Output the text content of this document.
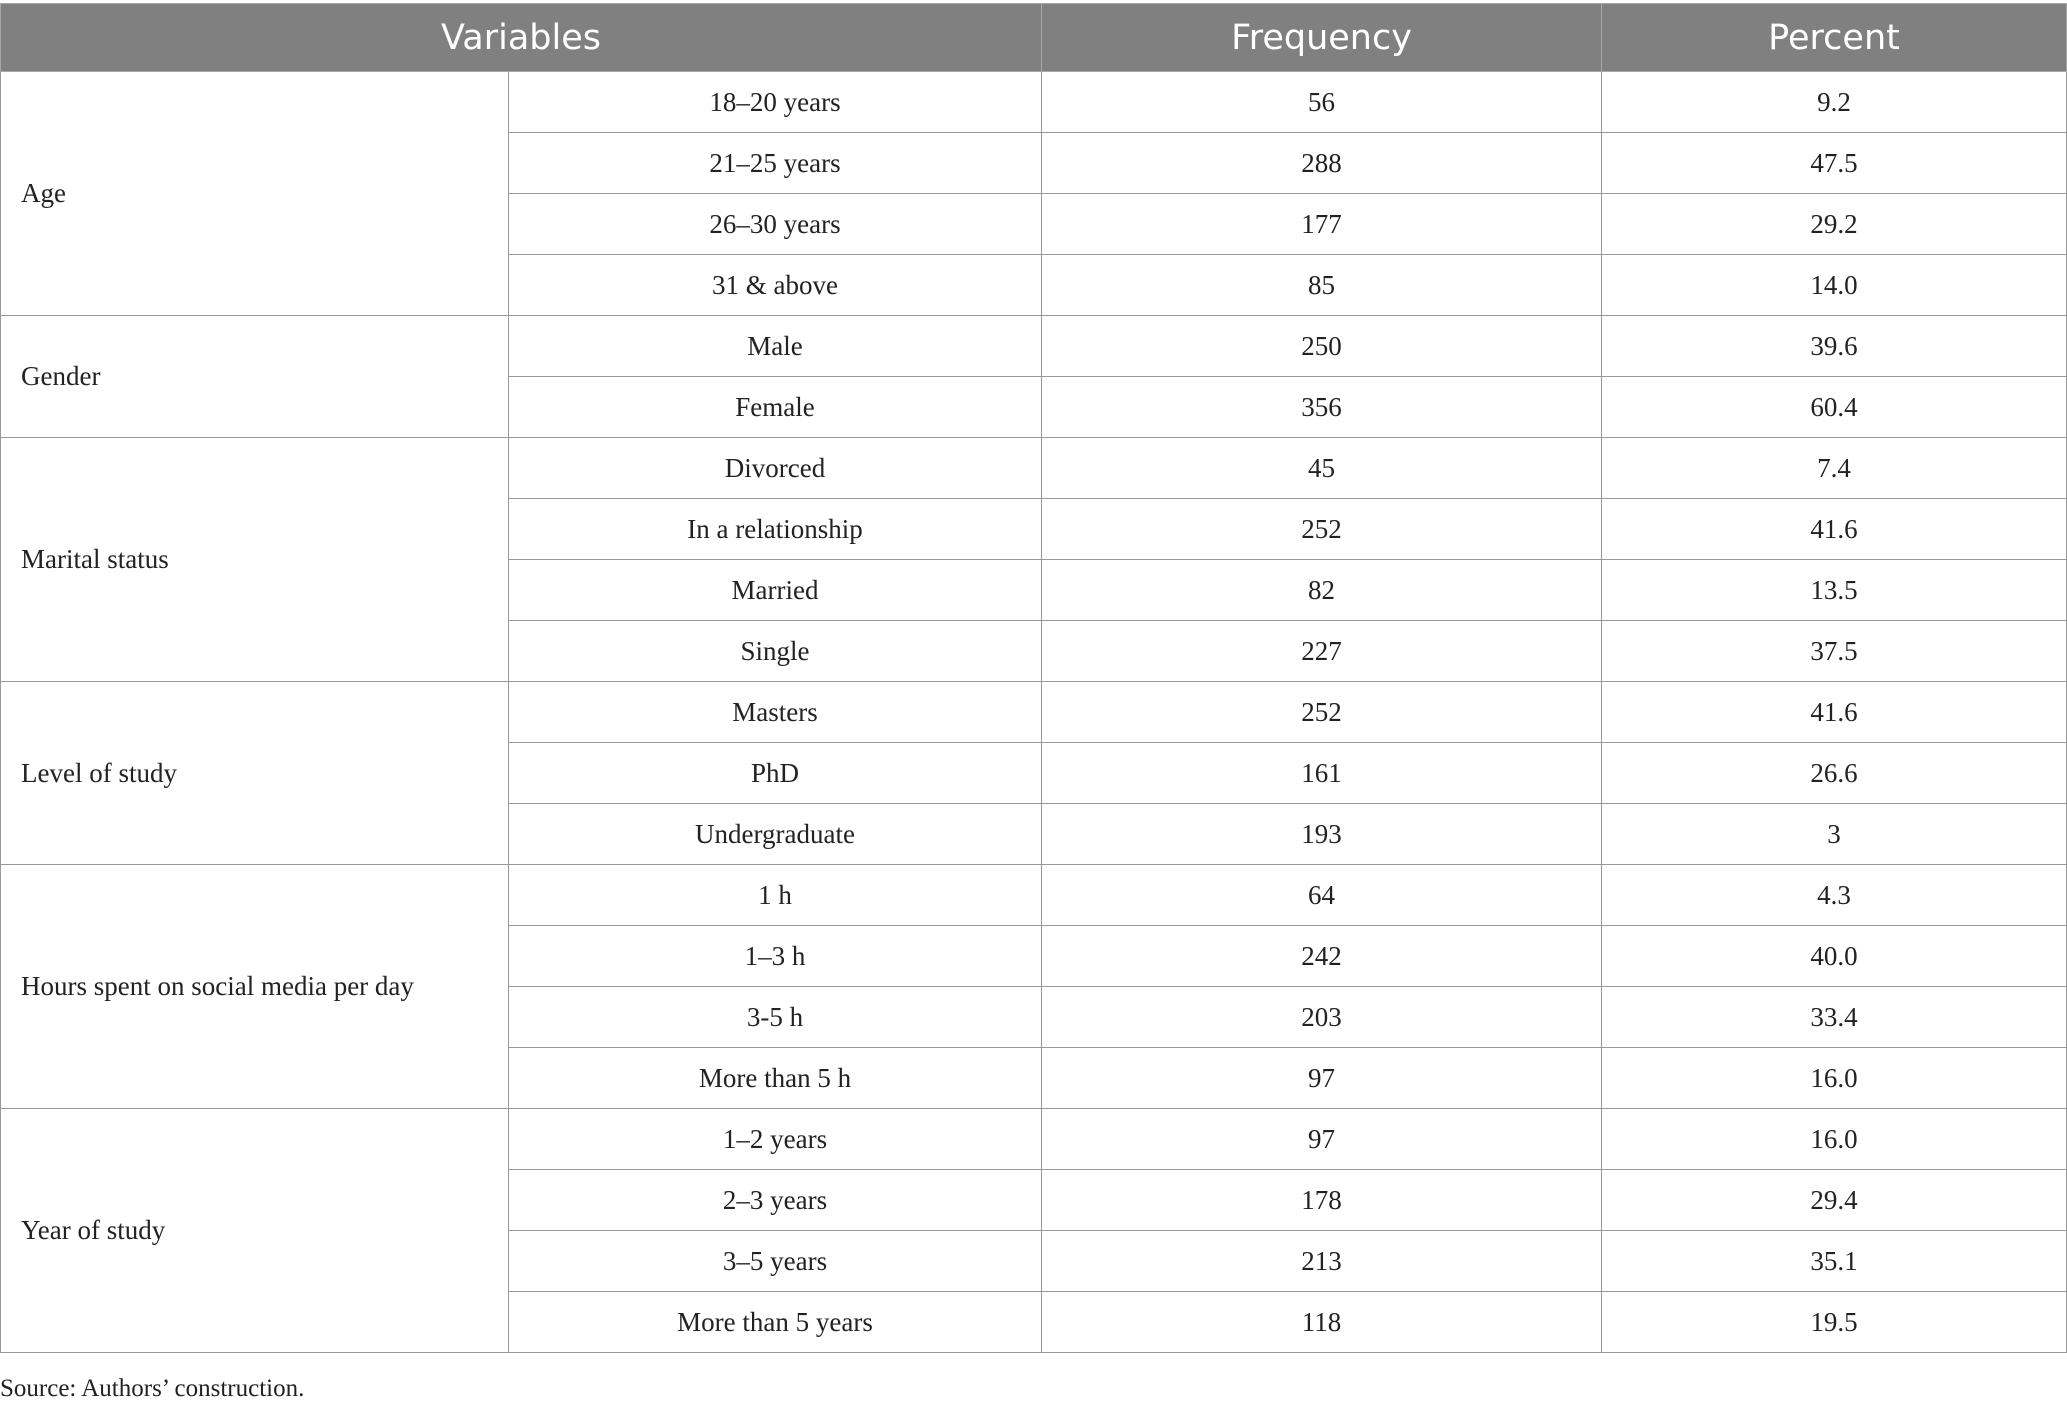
Variables		Frequency	Percent
Age	18–20 years	56	9.2
	21–25 years	288	47.5
	26–30 years	177	29.2
	31 & above	85	14.0
Gender	Male	250	39.6
	Female	356	60.4
Marital status	Divorced	45	7.4
	In a relationship	252	41.6
	Married	82	13.5
	Single	227	37.5
Level of study	Masters	252	41.6
	PhD	161	26.6
	Undergraduate	193	3
Hours spent on social media per day	1 h	64	4.3
	1–3 h	242	40.0
	3-5 h	203	33.4
	More than 5 h	97	16.0
Year of study	1–2 years	97	16.0
	2–3 years	178	29.4
	3–5 years	213	35.1
	More than 5 years	118	19.5
Source: Authors’ construction.
